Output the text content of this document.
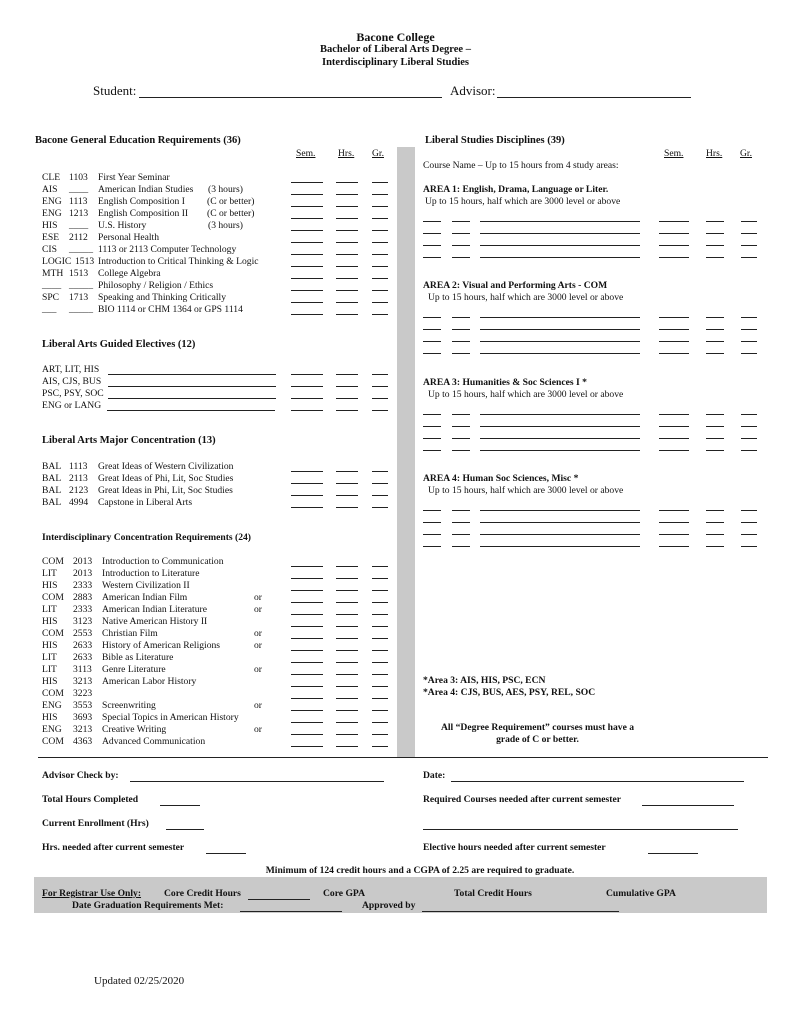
Bacone College
Bachelor of Liberal Arts Degree –
Interdisciplinary Liberal Studies
Student:	Advisor:
Bacone General Education Requirements (36)
Sem. Hrs. Gr.
CLE 1103 First Year Seminar
AIS ____ American Indian Studies (3 hours)
ENG 1113 English Composition I (C or better)
ENG 1213 English Composition II (C or better)
HIS ____ U.S. History	(3 hours)
ESE 2112 Personal Health
CIS _____ 1113 or 2113 Computer Technology
LOGIC 1513 Introduction to Critical Thinking & Logic
MTH 1513 College Algebra
____ _____ Philosophy / Religion / Ethics
SPC 1713 Speaking and Thinking Critically
___ _____ BIO 1114 or CHM 1364 or GPS 1114
Liberal Arts Guided Electives (12)
ART, LIT, HIS
AIS, CJS, BUS
PSC, PSY, SOC
ENG or LANG
Liberal Arts Major Concentration (13)
BAL 1113 Great Ideas of Western Civilization
BAL 2113 Great Ideas of Phi, Lit, Soc Studies
BAL 2123 Great Ideas in Phi, Lit, Soc Studies
BAL 4994 Capstone in Liberal Arts
Interdisciplinary Concentration Requirements (24)
COM 2013 Introduction to Communication
LIT 2013 Introduction to Literature
HIS 2333 Western Civilization II
COM 2883 American Indian Film	or
LIT 2333 American Indian Literature	or
HIS 3123 Native American History II
COM 2553 Christian Film	or
HIS 2633 History of American Religions	or
LIT 2633 Bible as Literature
LIT 3113 Genre Literature	or
HIS 3213 American Labor History
COM 3223
ENG 3553 Screenwriting	or
HIS 3693 Special Topics in American History
ENG 3213 Creative Writing	or
COM 4363 Advanced Communication
Liberal Studies Disciplines (39)
Sem. Hrs. Gr.
Course Name – Up to 15 hours from 4 study areas:
AREA 1: English, Drama, Language or Liter.
Up to 15 hours, half which are 3000 level or above
AREA 2: Visual and Performing Arts - COM
Up to 15 hours, half which are 3000 level or above
AREA 3: Humanities & Soc Sciences I *
Up to 15 hours, half which are 3000 level or above
AREA 4: Human Soc Sciences, Misc *
Up to 15 hours, half which are 3000 level or above
*Area 3: AIS, HIS, PSC, ECN
*Area 4: CJS, BUS, AES, PSY, REL, SOC
All “Degree Requirement” courses must have a
grade of C or better.
Advisor Check by:	Date:
Total Hours Completed	Required Courses needed after current semester
Current Enrollment (Hrs)
Hrs. needed after current semester	Elective hours needed after current semester
Minimum of 124 credit hours and a CGPA of 2.25 are required to graduate.
For Registrar Use Only: Core Credit Hours	Core GPA	Total Credit Hours	Cumulative GPA
Date Graduation Requirements Met:	Approved by
Updated 02/25/2020
